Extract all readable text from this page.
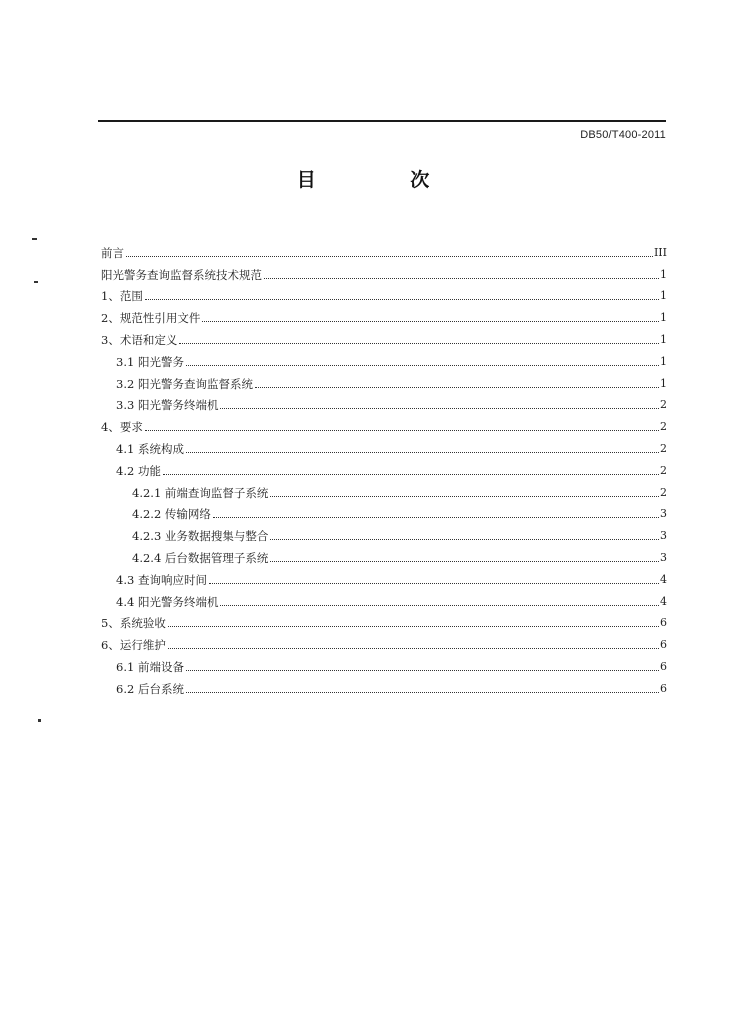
DB50/T400-2011
目 次
前言	III
阳光警务查询监督系统技术规范	1
1、范围	1
2、规范性引用文件	1
3、术语和定义	1
3.1 阳光警务	1
3.2 阳光警务查询监督系统	1
3.3 阳光警务终端机	2
4、要求	2
4.1 系统构成	2
4.2 功能	2
4.2.1 前端查询监督子系统	2
4.2.2 传输网络	3
4.2.3 业务数据搜集与整合	3
4.2.4 后台数据管理子系统	3
4.3 查询响应时间	4
4.4 阳光警务终端机	4
5、系统验收	6
6、运行维护	6
6.1 前端设备	6
6.2 后台系统	6
